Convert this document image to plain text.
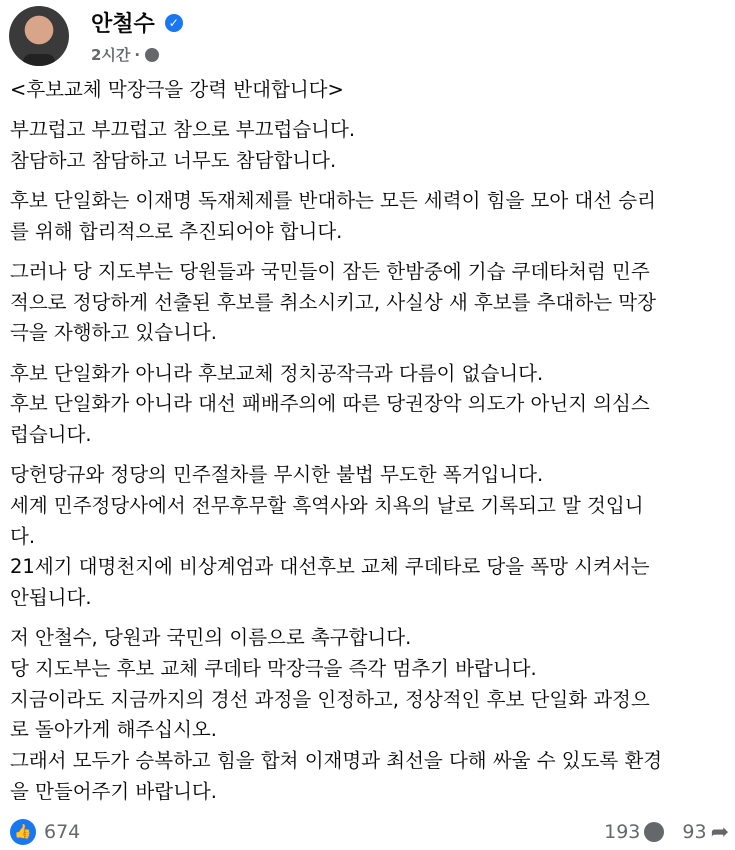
안철수	✓
2시간 ·
<후보교체 막장극을 강력 반대합니다>
부끄럽고 부끄럽고 참으로 부끄럽습니다.
참담하고 참담하고 너무도 참담합니다.
후보 단일화는 이재명 독재체제를 반대하는 모든 세력이 힘을 모아 대선 승리
를 위해 합리적으로 추진되어야 합니다.
그러나 당 지도부는 당원들과 국민들이 잠든 한밤중에 기습 쿠데타처럼 민주
적으로 정당하게 선출된 후보를 취소시키고, 사실상 새 후보를 추대하는 막장
극을 자행하고 있습니다.
후보 단일화가 아니라 후보교체 정치공작극과 다름이 없습니다.
후보 단일화가 아니라 대선 패배주의에 따른 당권장악 의도가 아닌지 의심스
럽습니다.
당헌당규와 정당의 민주절차를 무시한 불법 무도한 폭거입니다.
세계 민주정당사에서 전무후무할 흑역사와 치욕의 날로 기록되고 말 것입니
다.
21세기 대명천지에 비상계엄과 대선후보 교체 쿠데타로 당을 폭망 시켜서는
안됩니다.
저 안철수, 당원과 국민의 이름으로 촉구합니다.
당 지도부는 후보 교체 쿠데타 막장극을 즉각 멈추기 바랍니다.
지금이라도 지금까지의 경선 과정을 인정하고, 정상적인 후보 단일화 과정으
로 돌아가게 해주십시오.
그래서 모두가 승복하고 힘을 합쳐 이재명과 최선을 다해 싸울 수 있도록 환경
을 만들어주기 바랍니다.
👍 674	193 93 ➦
